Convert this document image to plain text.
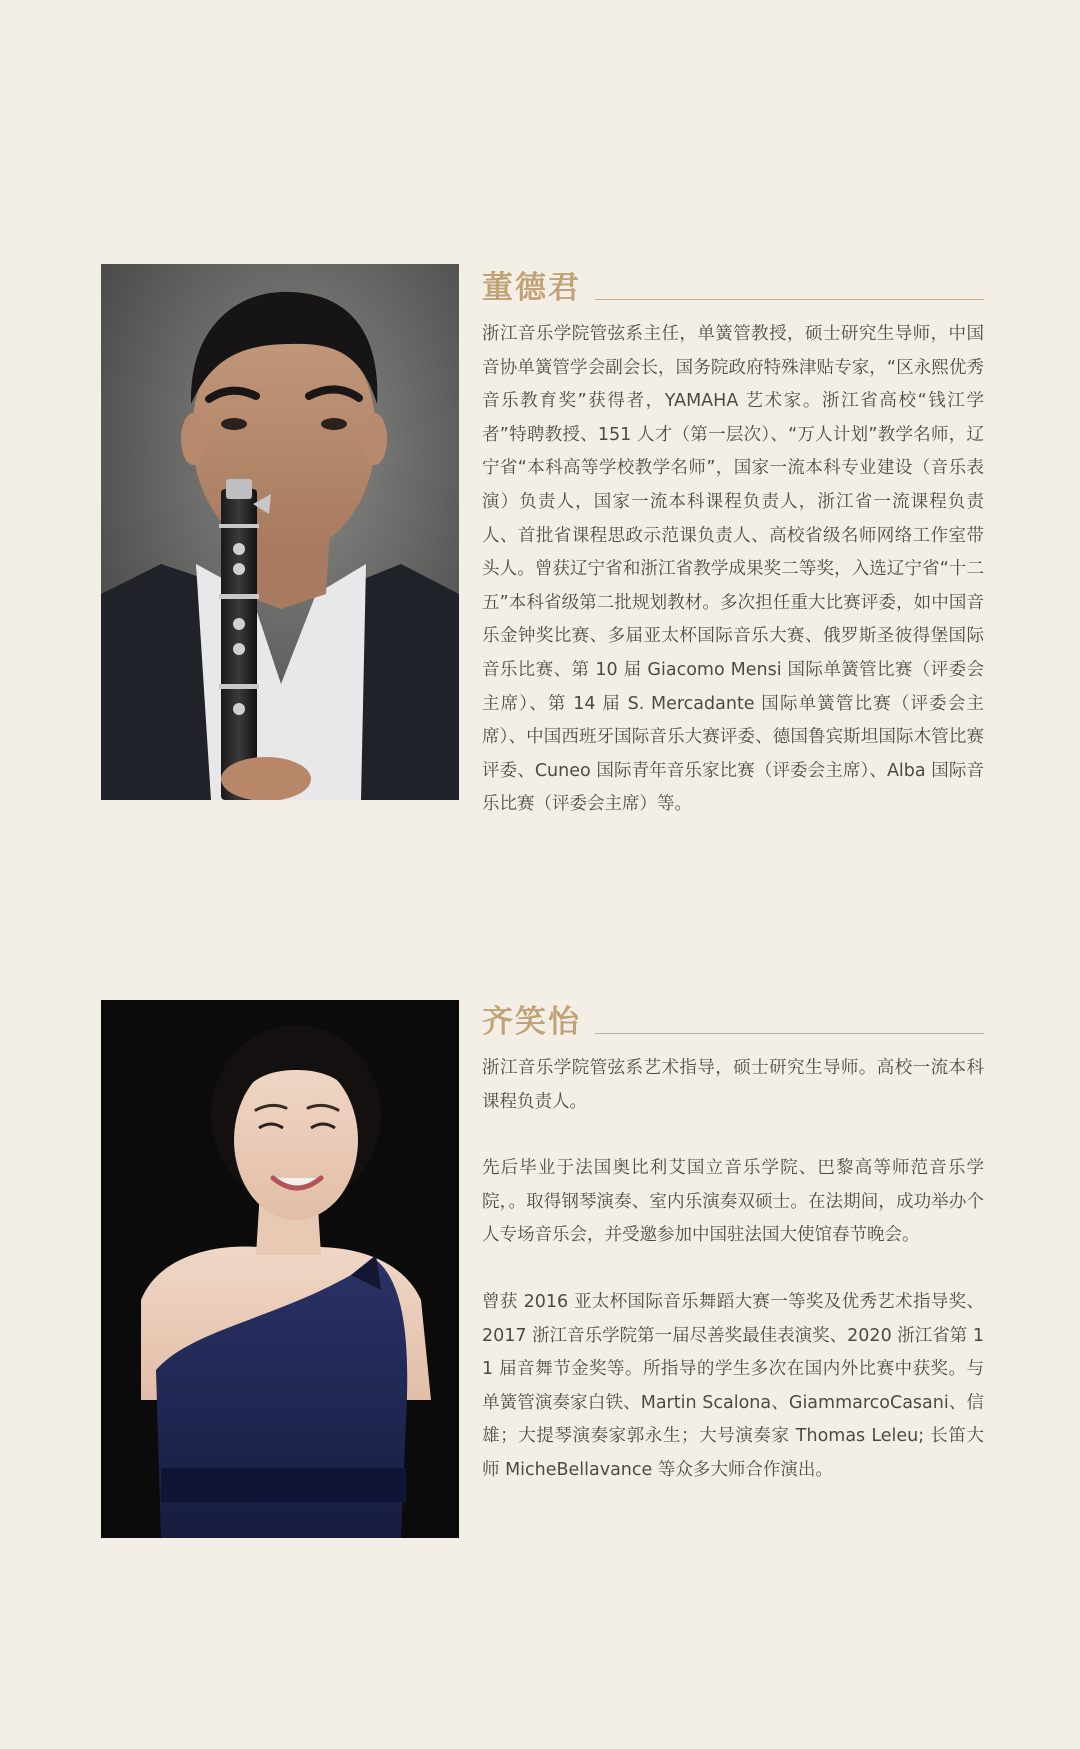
董德君

浙江音乐学院管弦系主任，单簧管教授，硕士研究生导师，中国音协单簧管学会副会长，国务院政府特殊津贴专家，“区永熙优秀音乐教育奖”获得者，YAMAHA 艺术家。浙江省高校“钱江学者”特聘教授、151 人才（第一层次）、“万人计划”教学名师，辽宁省“本科高等学校教学名师”，国家一流本科专业建设（音乐表演）负责人，国家一流本科课程负责人，浙江省一流课程负责人、首批省课程思政示范课负责人、高校省级名师网络工作室带头人。曾获辽宁省和浙江省教学成果奖二等奖，入选辽宁省“十二五”本科省级第二批规划教材。多次担任重大比赛评委，如中国音乐金钟奖比赛、多届亚太杯国际音乐大赛、俄罗斯圣彼得堡国际音乐比赛、第 10 届 Giacomo Mensi 国际单簧管比赛（评委会主席）、第 14 届 S. Mercadante 国际单簧管比赛（评委会主席）、中国西班牙国际音乐大赛评委、德国鲁宾斯坦国际木管比赛评委、Cuneo 国际青年音乐家比赛（评委会主席）、Alba 国际音乐比赛（评委会主席）等。

齐笑怡

浙江音乐学院管弦系艺术指导，硕士研究生导师。高校一流本科课程负责人。

先后毕业于法国奥比利艾国立音乐学院、巴黎高等师范音乐学院，。取得钢琴演奏、室内乐演奏双硕士。在法期间，成功举办个人专场音乐会，并受邀参加中国驻法国大使馆春节晚会。

曾获 2016 亚太杯国际音乐舞蹈大赛一等奖及优秀艺术指导奖、2017 浙江音乐学院第一届尽善奖最佳表演奖、2020 浙江省第 11 届音舞节金奖等。所指导的学生多次在国内外比赛中获奖。与单簧管演奏家白铁、Martin Scalona、GiammarcoCasani、信雄；大提琴演奏家郭永生；大号演奏家 Thomas Leleu; 长笛大师 MicheBellavance 等众多大师合作演出。
